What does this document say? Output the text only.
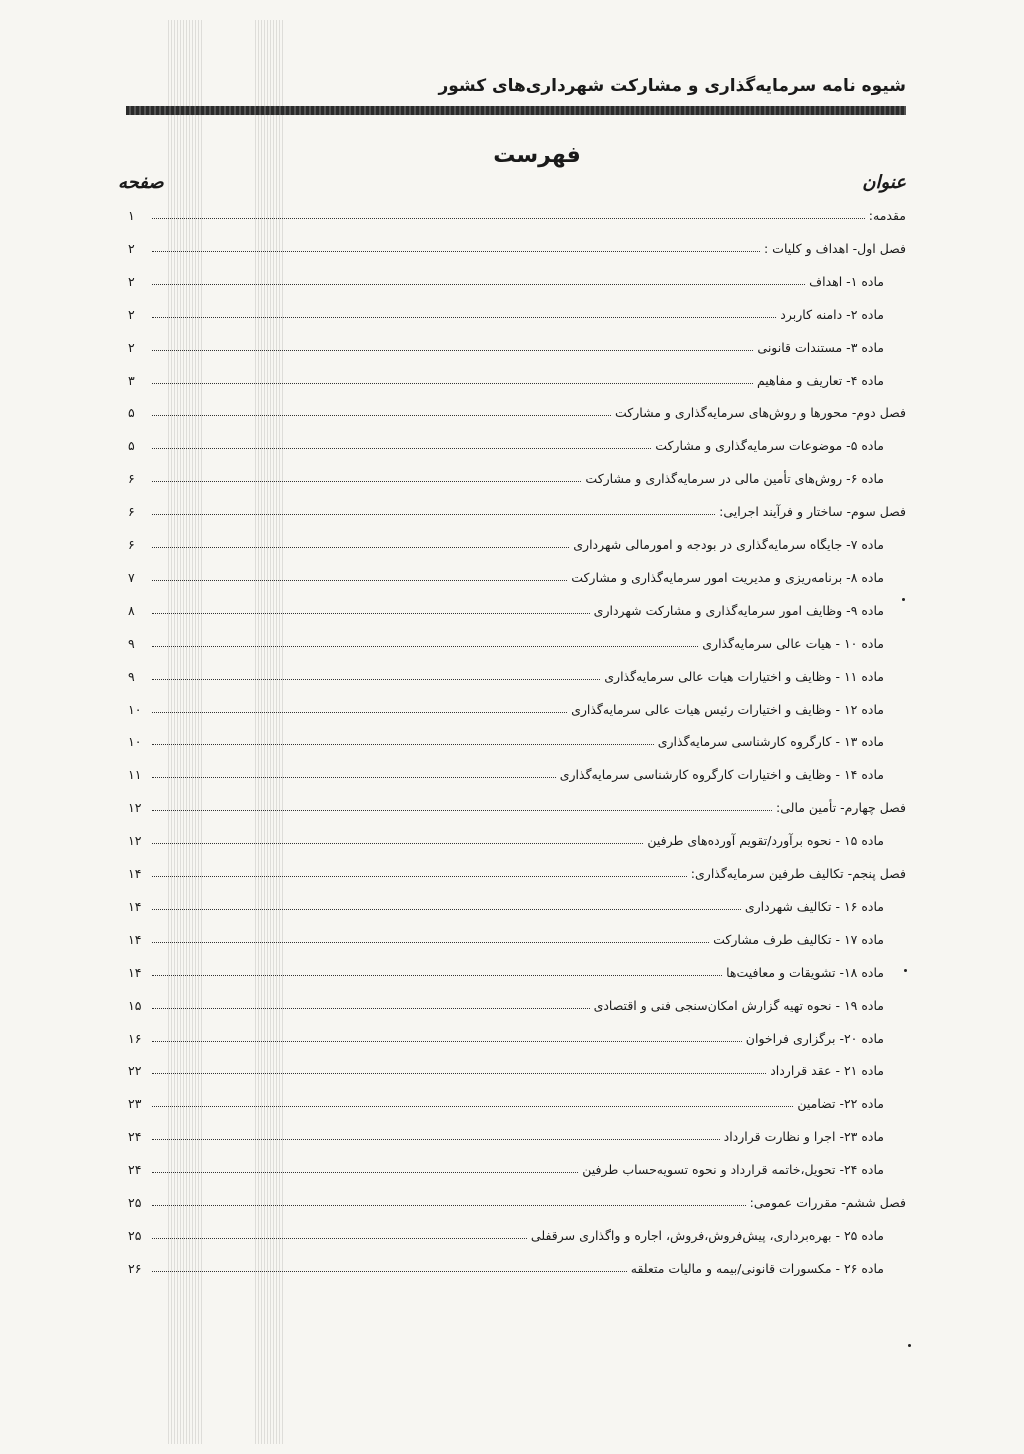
شیوه نامه سرمایه‌گذاری و مشارکت شهرداری‌های کشور
فهرست
عنوان
صفحه
مقدمه:
۱
فصل اول- اهداف و کلیات :
۲
ماده ۱- اهداف
۲
ماده ۲- دامنه کاربرد
۲
ماده ۳- مستندات قانونی
۲
ماده ۴- تعاریف و مفاهیم
۳
فصل دوم- محورها و روش‌های سرمایه‌گذاری و مشارکت
۵
ماده ۵- موضوعات سرمایه‌گذاری و مشارکت
۵
ماده ۶- روش‌های تأمین مالی در سرمایه‌گذاری و مشارکت
۶
فصل سوم- ساختار و فرآیند اجرایی:
۶
ماده ۷- جایگاه سرمایه‌گذاری در بودجه و امورمالی شهرداری
۶
ماده ۸- برنامه‌ریزی و مدیریت امور سرمایه‌گذاری و مشارکت
۷
ماده ۹- وظایف امور سرمایه‌گذاری و مشارکت شهرداری
۸
ماده ۱۰ - هیات عالی سرمایه‌گذاری
۹
ماده ۱۱ - وظایف و اختیارات هیات عالی سرمایه‌گذاری
۹
ماده ۱۲ - وظایف و اختیارات رئیس هیات عالی سرمایه‌گذاری
۱۰
ماده ۱۳ - کارگروه کارشناسی سرمایه‌گذاری
۱۰
ماده ۱۴ - وظایف و اختیارات کارگروه کارشناسی سرمایه‌گذاری
۱۱
فصل چهارم- تأمین مالی:
۱۲
ماده ۱۵ - نحوه برآورد/تقویم آورده‌های طرفین
۱۲
فصل پنجم- تکالیف طرفین سرمایه‌گذاری:
۱۴
ماده ۱۶ - تکالیف شهرداری
۱۴
ماده ۱۷ - تکالیف طرف مشارکت
۱۴
ماده ۱۸- تشویقات و معافیت‌ها
۱۴
ماده ۱۹ - نحوه تهیه گزارش امکان‌سنجی فنی و اقتصادی
۱۵
ماده ۲۰- برگزاری فراخوان
۱۶
ماده ۲۱ - عقد قرارداد
۲۲
ماده ۲۲- تضامین
۲۳
ماده ۲۳- اجرا و نظارت قرارداد
۲۴
ماده ۲۴- تحویل،خاتمه قرارداد و نحوه تسویه‌حساب طرفین
۲۴
فصل ششم- مقررات عمومی:
۲۵
ماده ۲۵ - بهره‌برداری، پیش‌فروش،فروش، اجاره و واگذاری سرقفلی
۲۵
ماده ۲۶ - مکسورات قانونی/بیمه و مالیات متعلقه
۲۶
